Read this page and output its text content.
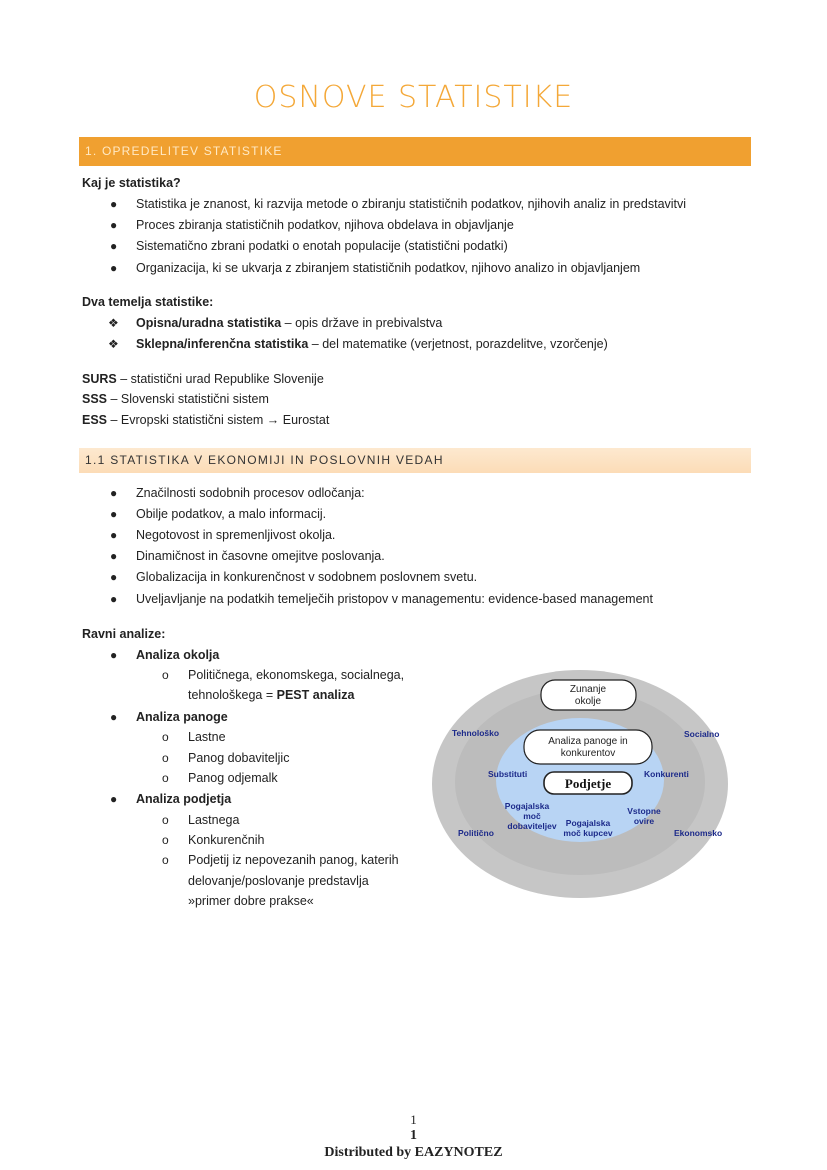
OSNOVE STATISTIKE
1. OPREDELITEV STATISTIKE
Kaj je statistika?
● Statistika je znanost, ki razvija metode o zbiranju statističnih podatkov, njihovih analiz in predstavitvi
● Proces zbiranja statističnih podatkov, njihova obdelava in objavljanje
● Sistematično zbrani podatki o enotah populacije (statistični podatki)
● Organizacija, ki se ukvarja z zbiranjem statističnih podatkov, njihovo analizo in objavljanjem
Dva temelja statistike:
❖ Opisna/uradna statistika – opis države in prebivalstva
❖ Sklepna/inferenčna statistika – del matematike (verjetnost, porazdelitve, vzorčenje)
SURS – statistični urad Republike Slovenije
SSS – Slovenski statistični sistem
ESS – Evropski statistični sistem → Eurostat
1.1 STATISTIKA V EKONOMIJI IN POSLOVNIH VEDAH
● Značilnosti sodobnih procesov odločanja:
● Obilje podatkov, a malo informacij.
● Negotovost in spremenljivost okolja.
● Dinamičnost in časovne omejitve poslovanja.
● Globalizacija in konkurenčnost v sodobnem poslovnem svetu.
● Uveljavljanje na podatkih temelječih pristopov v managementu: evidence-based management
Ravni analize:
● Analiza okolja
o Političnega, ekonomskega, socialnega,
tehnološkega = PEST analiza
● Analiza panoge
o Lastne
o Panog dobaviteljic
o Panog odjemalk
● Analiza podjetja
o Lastnega
o Konkurenčnih
o Podjetij iz nepovezanih panog, katerih
delovanje/poslovanje predstavlja
»primer dobre prakse«
Zunanje
okolje
Analiza panoge in
konkurentov
Podjetje
Tehnološko	Socialno
Politično	Ekonomsko
Substituti	Konkurenti
Pogajalska
moč
dobaviteljev Pogajalska
moč kupcev
Vstopne
ovire
1
1
Distributed by EAZYNOTEZ
